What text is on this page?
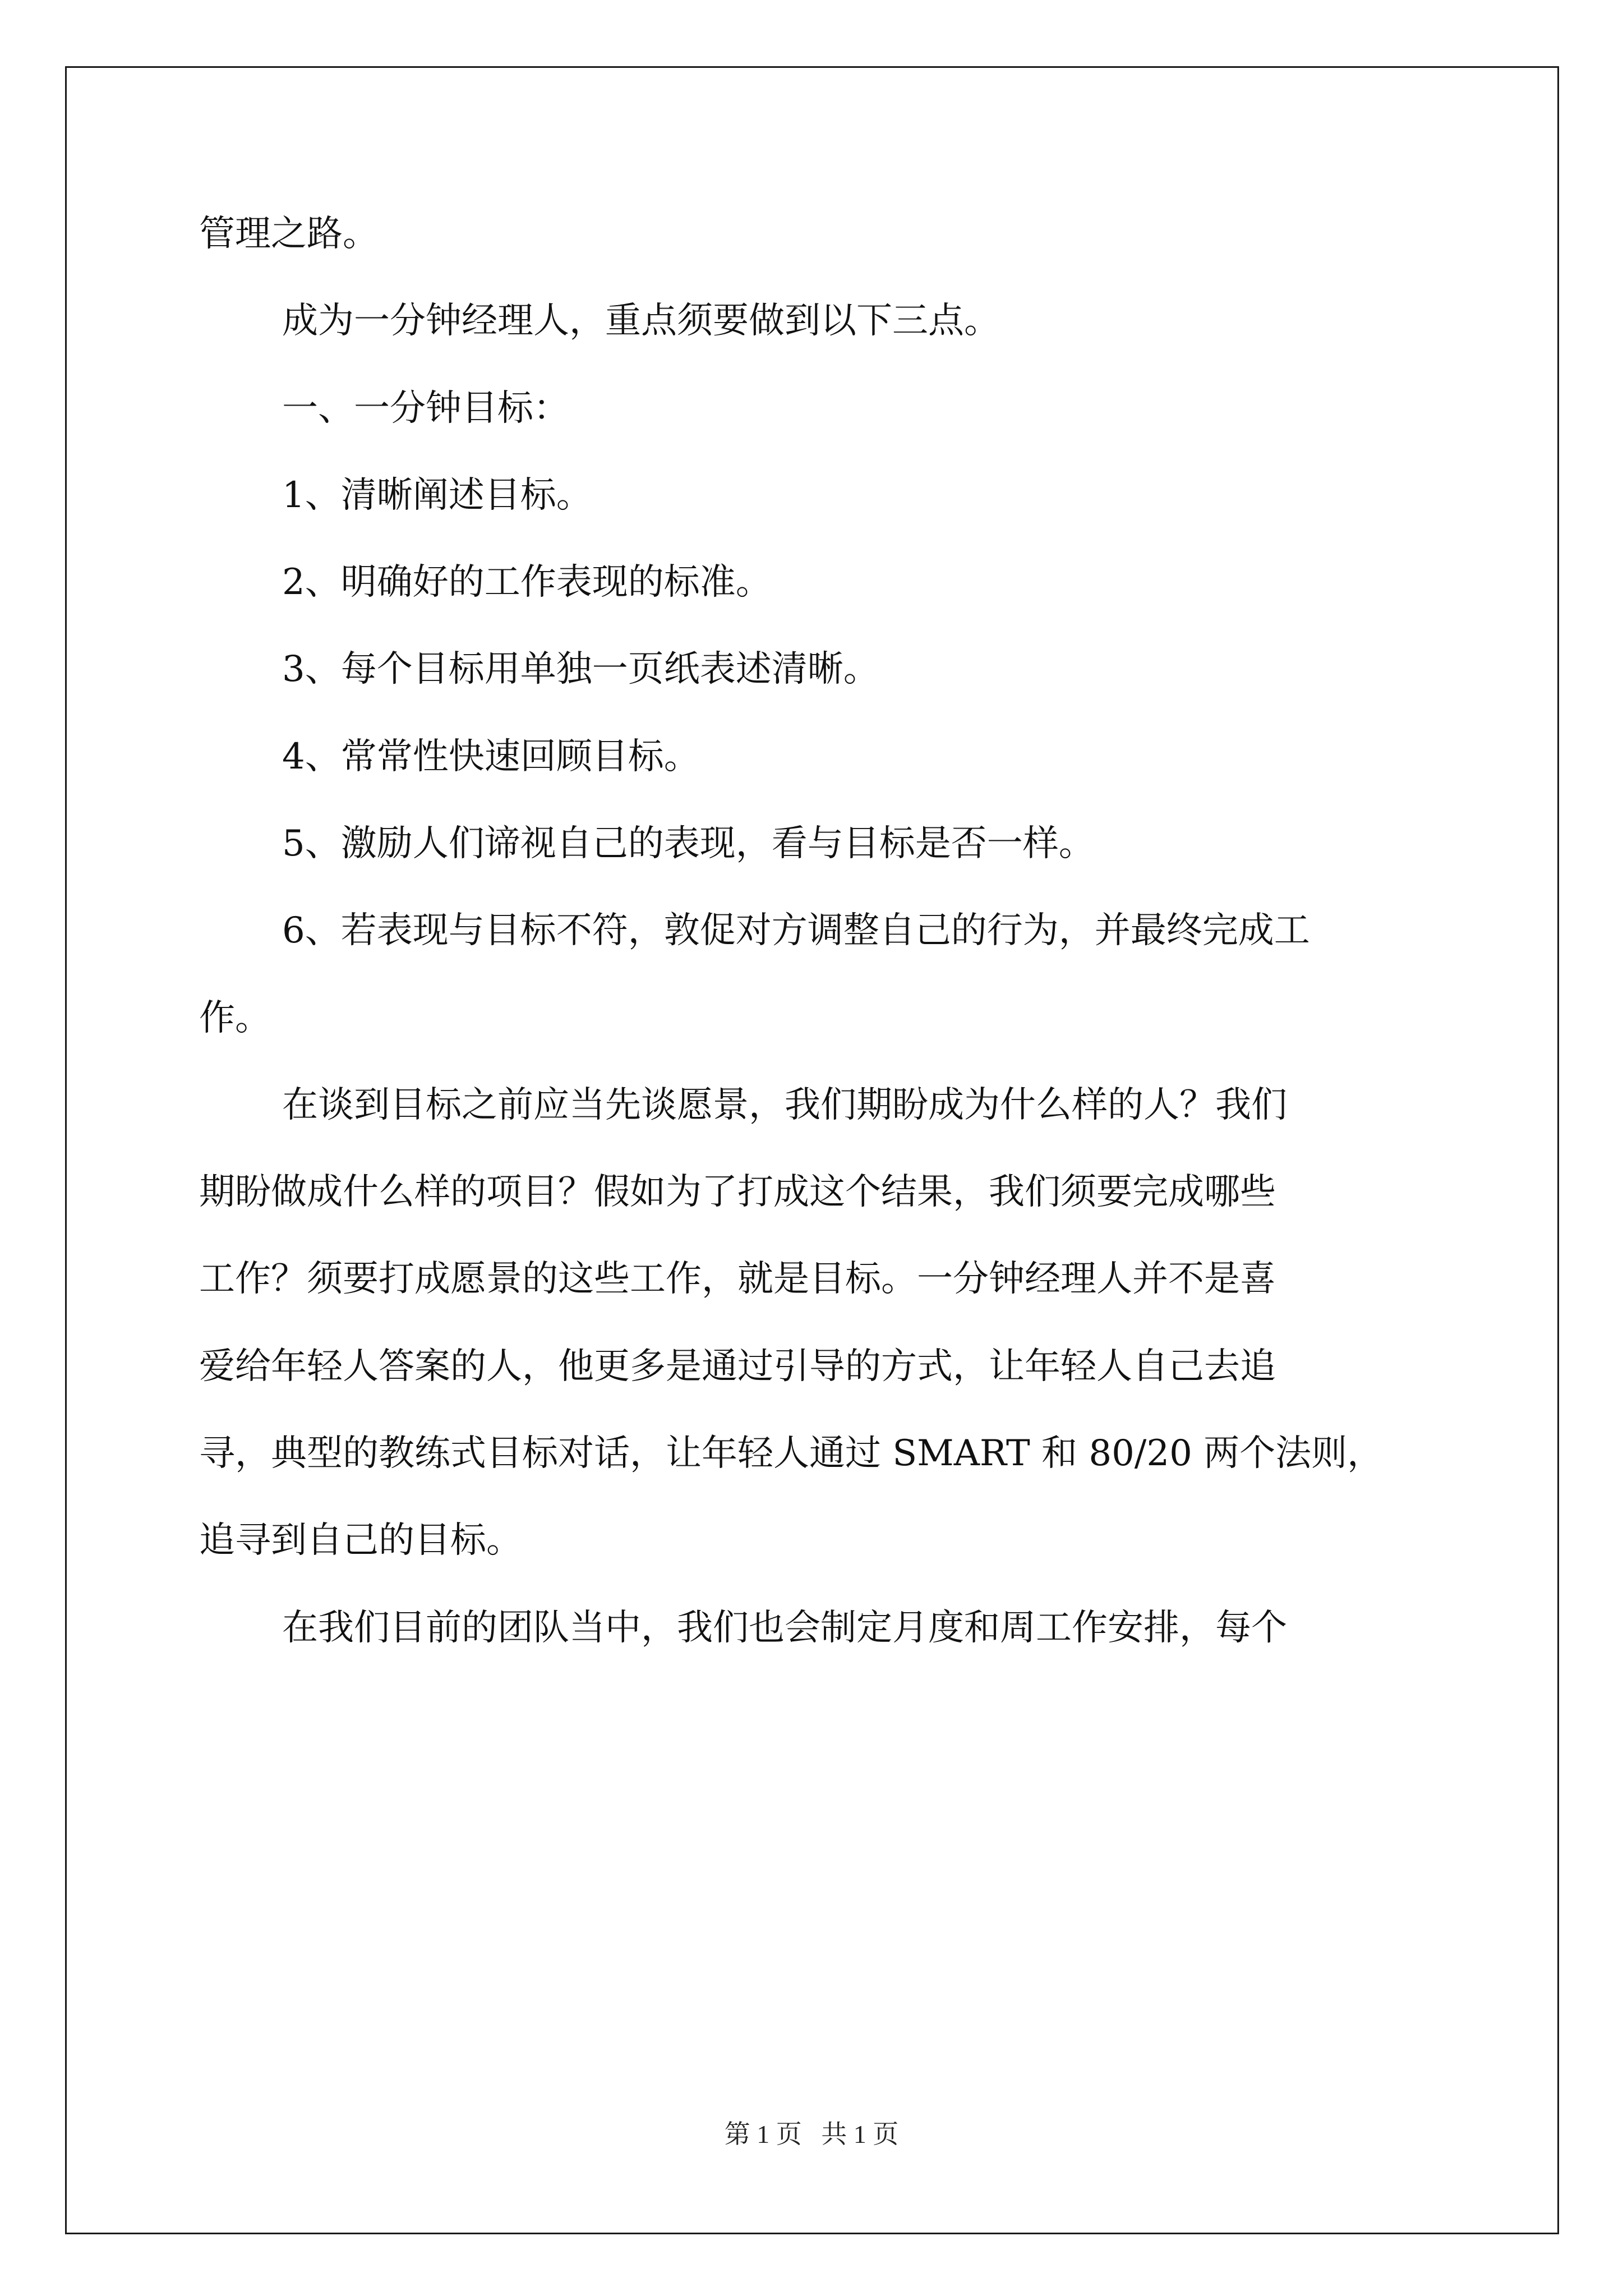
管理之路。
成为一分钟经理人，重点须要做到以下三点。
一、一分钟目标：
1、清晰阐述目标。
2、明确好的工作表现的标准。
3、每个目标用单独一页纸表述清晰。
4、常常性快速回顾目标。
5、激励人们谛视自己的表现，看与目标是否一样。
6、若表现与目标不符，敦促对方调整自己的行为，并最终完成工
作。
在谈到目标之前应当先谈愿景，我们期盼成为什么样的人？我们
期盼做成什么样的项目？假如为了打成这个结果，我们须要完成哪些
工作？须要打成愿景的这些工作，就是目标。一分钟经理人并不是喜
爱给年轻人答案的人，他更多是通过引导的方式，让年轻人自己去追
寻，典型的教练式目标对话，让年轻人通过 SMART 和 80/20 两个法则，
追寻到自己的目标。
在我们目前的团队当中，我们也会制定月度和周工作安排，每个
第 1 页   共 1 页
